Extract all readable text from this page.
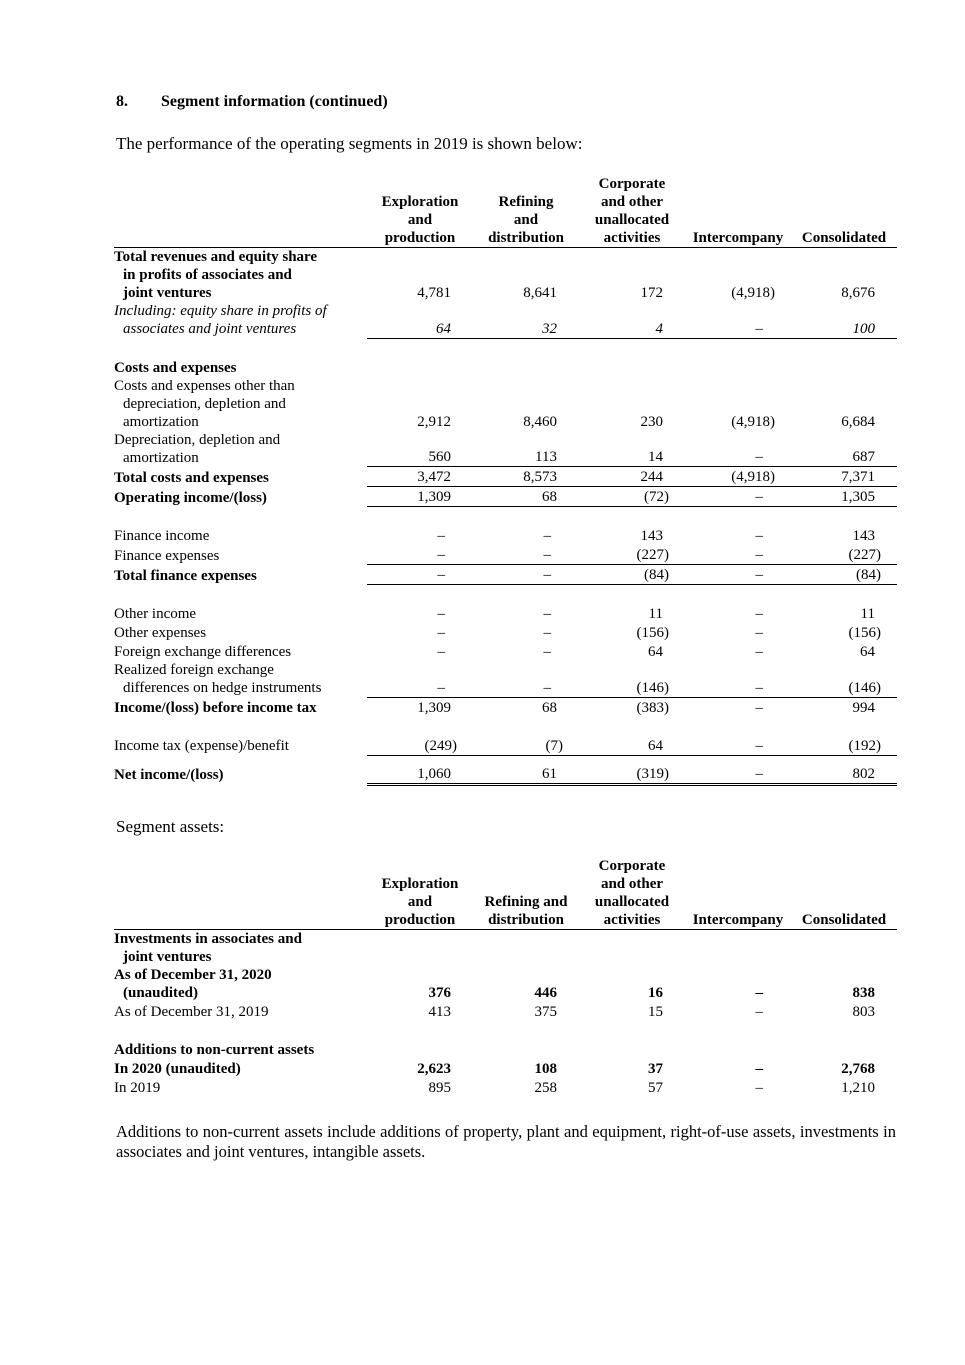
8. Segment information (continued)
The performance of the operating segments in 2019 is shown below:
	Exploration
and
production	Refining
and
distribution	Corporate
and other
unallocated
activities	Intercompany	Consolidated
Total revenues and equity share
in profits of associates and
joint ventures	4,781	8,641	172	(4,918)	8,676
Including: equity share in profits of
associates and joint ventures	64	32	4	–	100

Costs and expenses					
Costs and expenses other than
depreciation, depletion and
amortization	2,912	8,460	230	(4,918)	6,684
Depreciation, depletion and
amortization	560	113	14	–	687
Total costs and expenses	3,472	8,573	244	(4,918)	7,371
Operating income/(loss)	1,309	68	(72)	–	1,305

Finance income	–	–	143	–	143
Finance expenses	–	–	(227)	–	(227)
Total finance expenses	–	–	(84)	–	(84)

Other income	–	–	11	–	11
Other expenses	–	–	(156)	–	(156)
Foreign exchange differences	–	–	64	–	64
Realized foreign exchange
differences on hedge instruments	–	–	(146)	–	(146)
Income/(loss) before income tax	1,309	68	(383)	–	994

Income tax (expense)/benefit	(249)	(7)	64	–	(192)
Net income/(loss)	1,060	61	(319)	–	802
Segment assets:
	Exploration
and
production	Refining and
distribution	Corporate
and other
unallocated
activities	Intercompany	Consolidated
Investments in associates and
joint ventures					
As of December 31, 2020
(unaudited)	376	446	16	–	838
As of December 31, 2019	413	375	15	–	803

Additions to non-current assets					
In 2020 (unaudited)	2,623	108	37	–	2,768
In 2019	895	258	57	–	1,210
Additions to non-current assets include additions of property, plant and equipment, right-of-use assets, investments in associates and joint ventures, intangible assets.
